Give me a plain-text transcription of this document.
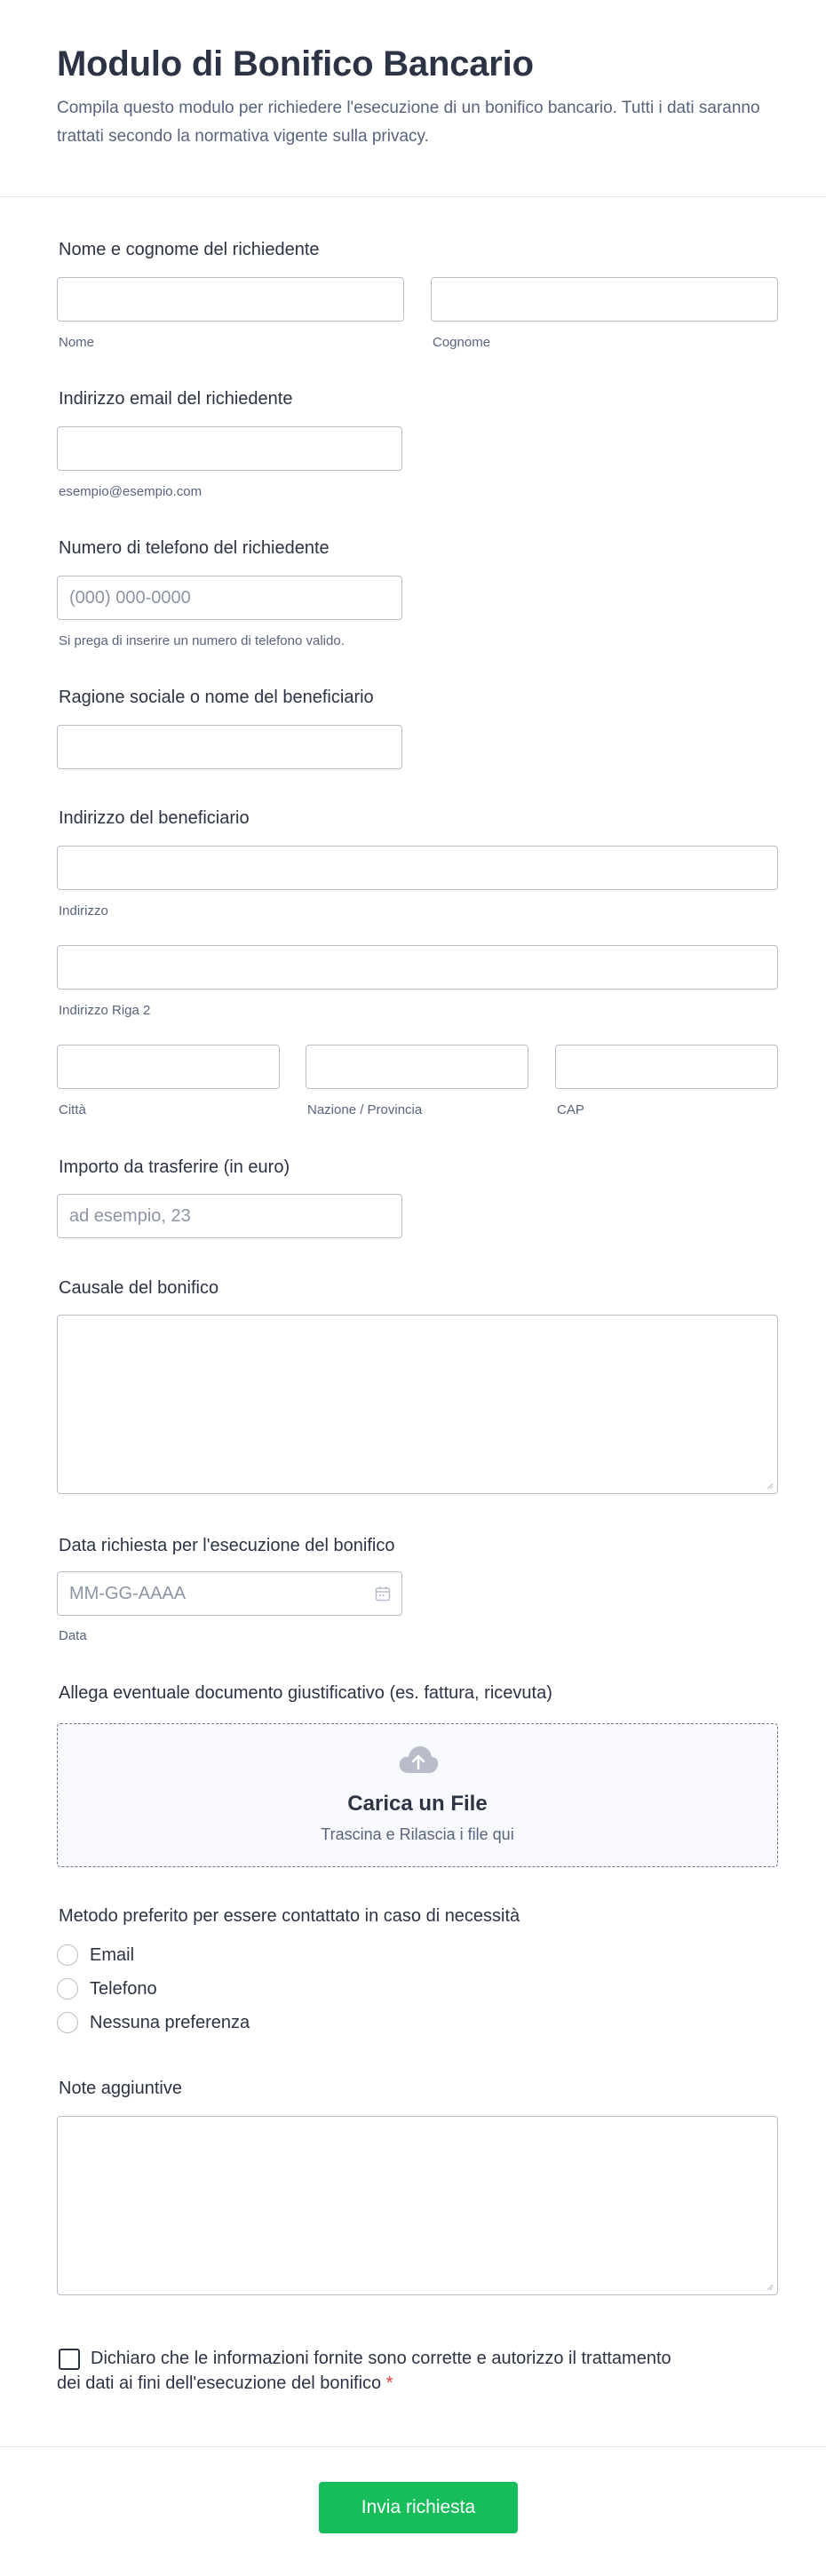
Modulo di Bonifico Bancario

Compila questo modulo per richiedere l'esecuzione di un bonifico bancario. Tutti i dati saranno trattati secondo la normativa vigente sulla privacy.

Nome e cognome del richiedente
Nome	Cognome
Indirizzo email del richiedente
esempio@esempio.com
Numero di telefono del richiedente
(000) 000-0000
Si prega di inserire un numero di telefono valido.
Ragione sociale o nome del beneficiario
Indirizzo del beneficiario
Indirizzo
Indirizzo Riga 2
Città	Nazione / Provincia	CAP
Importo da trasferire (in euro)
ad esempio, 23
Causale del bonifico
Data richiesta per l'esecuzione del bonifico
MM-GG-AAAA
Data
Allega eventuale documento giustificativo (es. fattura, ricevuta)
Carica un File
Trascina e Rilascia i file qui
Metodo preferito per essere contattato in caso di necessità
Email
Telefono
Nessuna preferenza
Note aggiuntive
Dichiaro che le informazioni fornite sono corrette e autorizzo il trattamento dei dati ai fini dell'esecuzione del bonifico *
Invia richiesta
